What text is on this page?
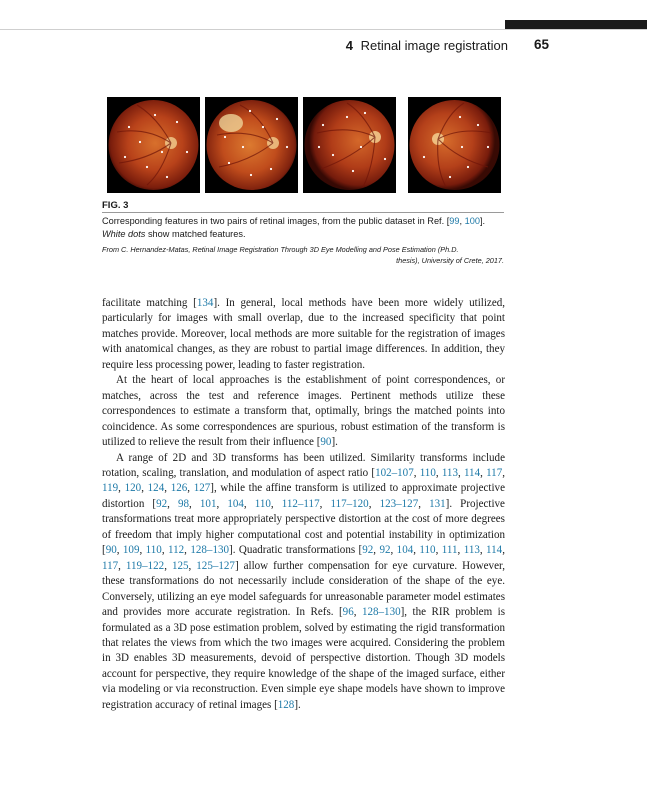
4 Retinal image registration 65
FIG. 3
Corresponding features in two pairs of retinal images, from the public dataset in Ref. [99, 100]. White dots show matched features.
From C. Hernandez-Matas, Retinal Image Registration Through 3D Eye Modelling and Pose Estimation (Ph.D.
thesis), University of Crete, 2017.

facilitate matching [134]. In general, local methods have been more widely utilized, particularly for images with small overlap, due to the increased specificity that point matches provide. Moreover, local methods are more suitable for the registration of images with anatomical changes, as they are robust to partial image differences. In addition, they require less processing power, leading to faster registration.

At the heart of local approaches is the establishment of point correspondences, or matches, across the test and reference images. Pertinent methods utilize these correspondences to estimate a transform that, optimally, brings the matched points into coincidence. As some correspondences are spurious, robust estimation of the transform is utilized to relieve the result from their influence [90].

A range of 2D and 3D transforms has been utilized. Similarity transforms include rotation, scaling, translation, and modulation of aspect ratio [102–107, 110, 113, 114, 117, 119, 120, 124, 126, 127], while the affine transform is utilized to approximate projective distortion [92, 98, 101, 104, 110, 112–117, 117–120, 123–127, 131]. Projective transformations treat more appropriately perspective distortion at the cost of more degrees of freedom that imply higher computational cost and potential instability in optimization [90, 109, 110, 112, 128–130]. Quadratic transformations [92, 92, 104, 110, 111, 113, 114, 117, 119–122, 125, 125–127] allow further compensation for eye curvature. However, these transformations do not necessarily include consideration of the shape of the eye. Conversely, utilizing an eye model safeguards for unreasonable parameter model estimates and provides more accurate registration. In Refs. [96, 128–130], the RIR problem is formulated as a 3D pose estimation problem, solved by estimating the rigid transformation that relates the views from which the two images were acquired. Considering the problem in 3D enables 3D measurements, devoid of perspective distortion. Though 3D models account for perspective, they require knowledge of the shape of the imaged surface, either via modeling or via reconstruction. Even simple eye shape models have shown to improve registration accuracy of retinal images [128].
